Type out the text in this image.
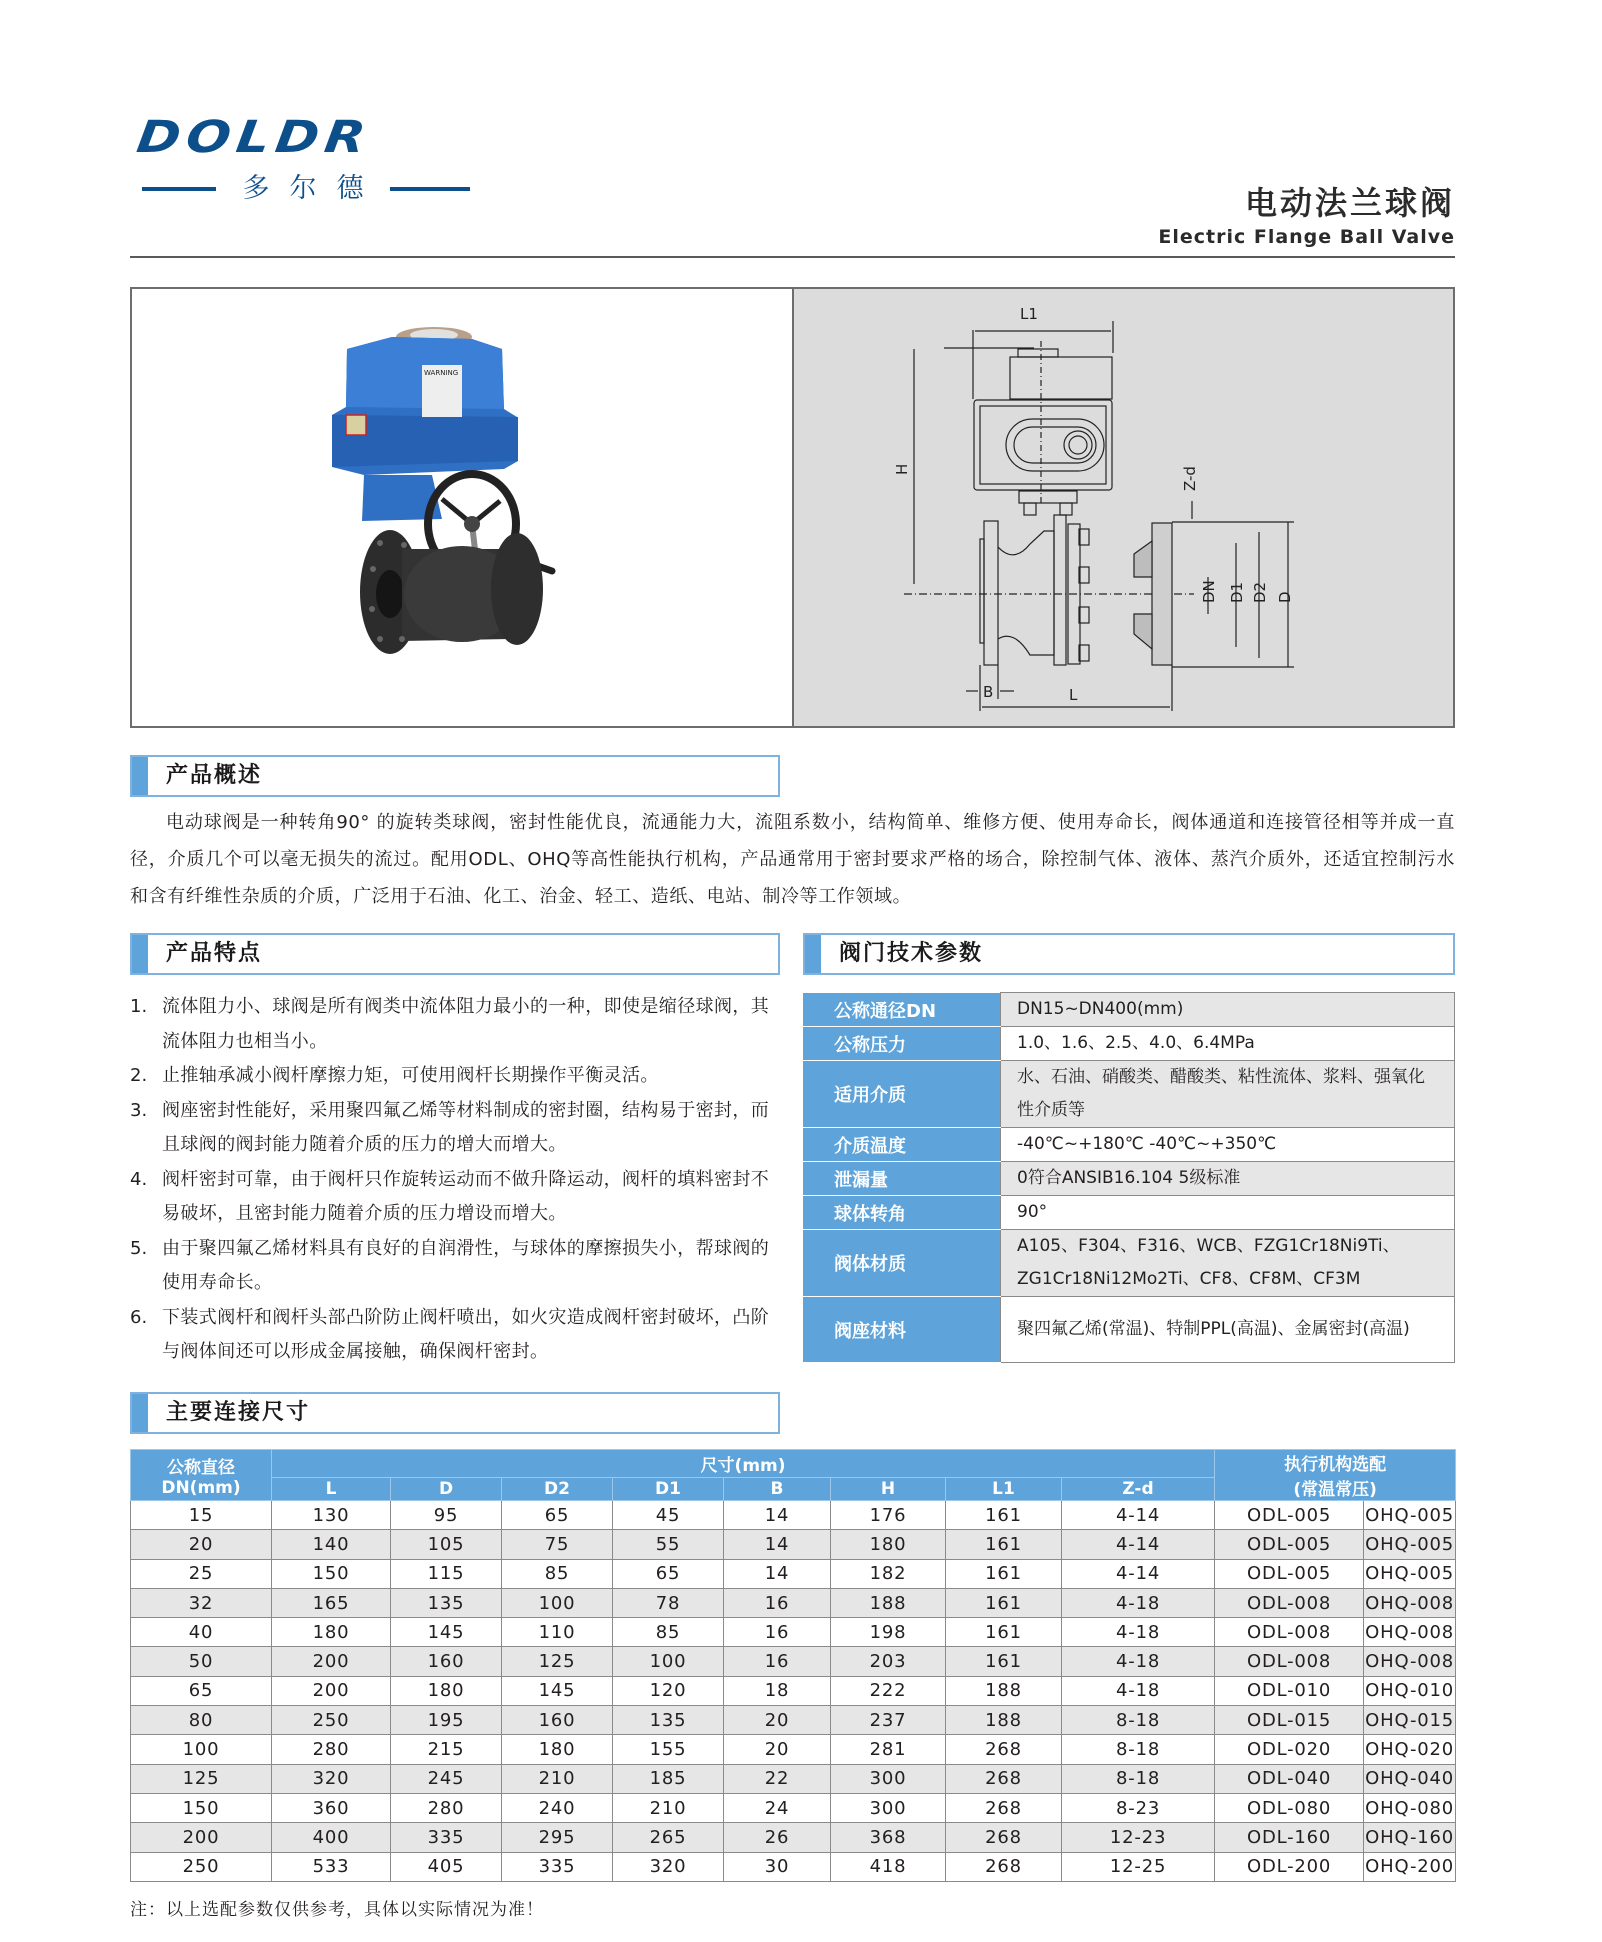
DOLDR
多尔德	电动法兰球阀
Electric Flange Ball Valve
WARNING
L1
H	Z-d
DN D1 D2 D
B	L
产品概述

电动球阀是一种转角90° 的旋转类球阀，密封性能优良，流通能力大，流阻系数小，结构简单、维修方便、使用寿命长，阀体通道和连接管径相等并成一直径，介质几个可以毫无损失的流过。配用ODL、OHQ等高性能执行机构，产品通常用于密封要求严格的场合，除控制气体、液体、蒸汽介质外，还适宜控制污水和含有纤维性杂质的介质，广泛用于石油、化工、治金、轻工、造纸、电站、制冷等工作领域。

产品特点
1. 流体阻力小、球阀是所有阀类中流体阻力最小的一种，即使是缩径球阀，其流体阻力也相当小。
2. 止推轴承减小阀杆摩擦力矩，可使用阀杆长期操作平衡灵活。
3. 阀座密封性能好，采用聚四氟乙烯等材料制成的密封圈，结构易于密封，而且球阀的阀封能力随着介质的压力的增大而增大。
4. 阀杆密封可靠，由于阀杆只作旋转运动而不做升降运动，阀杆的填料密封不易破坏，且密封能力随着介质的压力增设而增大。
5. 由于聚四氟乙烯材料具有良好的自润滑性，与球体的摩擦损失小，帮球阀的使用寿命长。
6. 下装式阀杆和阀杆头部凸阶防止阀杆喷出，如火灾造成阀杆密封破坏，凸阶与阀体间还可以形成金属接触，确保阀杆密封。
阀门技术参数
公称通径DN	DN15~DN400(mm)
公称压力	1.0、1.6、2.5、4.0、6.4MPa
适用介质	水、石油、硝酸类、醋酸类、粘性流体、浆料、强氧化性介质等
介质温度	-40℃~+180℃ -40℃~+350℃
泄漏量	0符合ANSIB16.104 5级标准
球体转角	90°
阀体材质	A105、F304、F316、WCB、FZG1Cr18Ni9Ti、ZG1Cr18Ni12Mo2Ti、CF8、CF8M、CF3M
阀座材料	聚四氟乙烯(常温)、特制PPL(高温)、金属密封(高温)
主要连接尺寸
公称直径
DN(mm)
	尺寸(mm)	执行机构选配
(常温常压)

	L	D	D2	D1	B	H	L1	Z-d		
15	130	95	65	45	14	176	161	4-14	ODL-005	OHQ-005
20	140	105	75	55	14	180	161	4-14	ODL-005	OHQ-005
25	150	115	85	65	14	182	161	4-14	ODL-005	OHQ-005
32	165	135	100	78	16	188	161	4-18	ODL-008	OHQ-008
40	180	145	110	85	16	198	161	4-18	ODL-008	OHQ-008
50	200	160	125	100	16	203	161	4-18	ODL-008	OHQ-008
65	200	180	145	120	18	222	188	4-18	ODL-010	OHQ-010
80	250	195	160	135	20	237	188	8-18	ODL-015	OHQ-015
100	280	215	180	155	20	281	268	8-18	ODL-020	OHQ-020
125	320	245	210	185	22	300	268	8-18	ODL-040	OHQ-040
150	360	280	240	210	24	300	268	8-23	ODL-080	OHQ-080
200	400	335	295	265	26	368	268	12-23	ODL-160	OHQ-160
250	533	405	335	320	30	418	268	12-25	ODL-200	OHQ-200
注：以上选配参数仅供参考，具体以实际情况为准！
